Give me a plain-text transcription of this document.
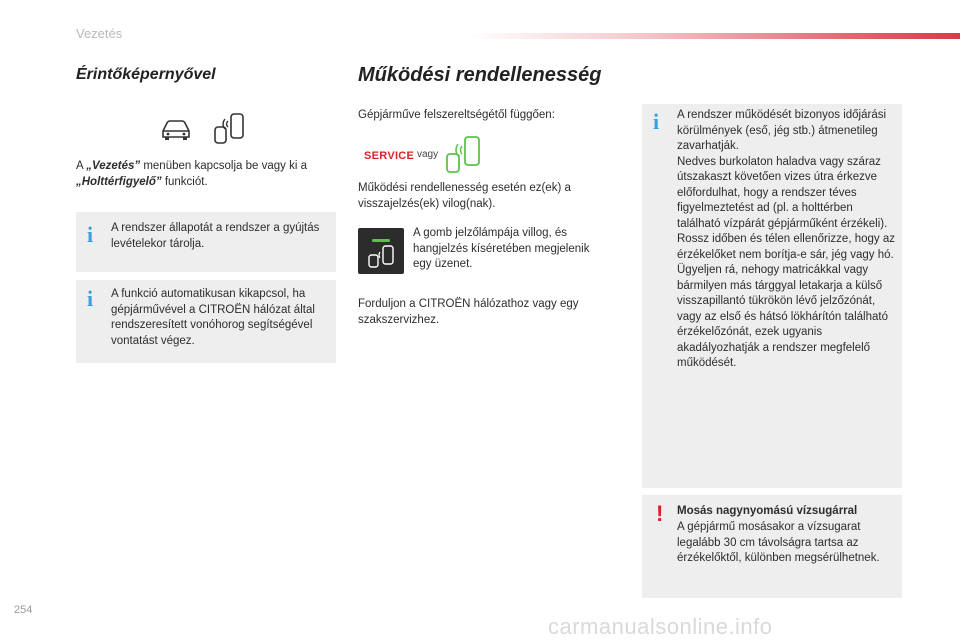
Vezetés
Érintőképernyővel
A „Vezetés” menüben kapcsolja be vagy ki a „Holttérfigyelő” funkciót.
i A rendszer állapotát a rendszer a gyújtás levételekor tárolja.
i A funkció automatikusan kikapcsol, ha gépjárművével a CITROËN hálózat által rendszeresített vonóhorog segítségével vontatást végez.
Működési rendellenesség
Gépjárműve felszereltségétől függően:
SERVICE vagy
Működési rendellenesség esetén ez(ek) a visszajelzés(ek) vilog(nak).
A gomb jelzőlámpája villog, és hangjelzés kíséretében megjelenik egy üzenet.
Forduljon a CITROËN hálózathoz vagy egy szakszervizhez.
i A rendszer működését bizonyos időjárási körülmények (eső, jég stb.) átmenetileg zavarhatják.
Nedves burkolaton haladva vagy száraz útszakaszt követően vizes útra érkezve előfordulhat, hogy a rendszer téves figyelmeztetést ad (pl. a holttérben található vízpárát gépjárműként érzékeli).
Rossz időben és télen ellenőrizze, hogy az érzékelőket nem borítja-e sár, jég vagy hó.
Ügyeljen rá, nehogy matricákkal vagy bármilyen más tárggyal letakarja a külső visszapillantó tükrökön lévő jelzőzónát, vagy az első és hátsó lökhárítón található érzékelőzónát, ezek ugyanis akadályozhatják a rendszer megfelelő működését.
! Mosás nagynyomású vízsugárral
A gépjármű mosásakor a vízsugarat legalább 30 cm távolságra tartsa az érzékelőktől, különben megsérülhetnek.
254
carmanualsonline.info
